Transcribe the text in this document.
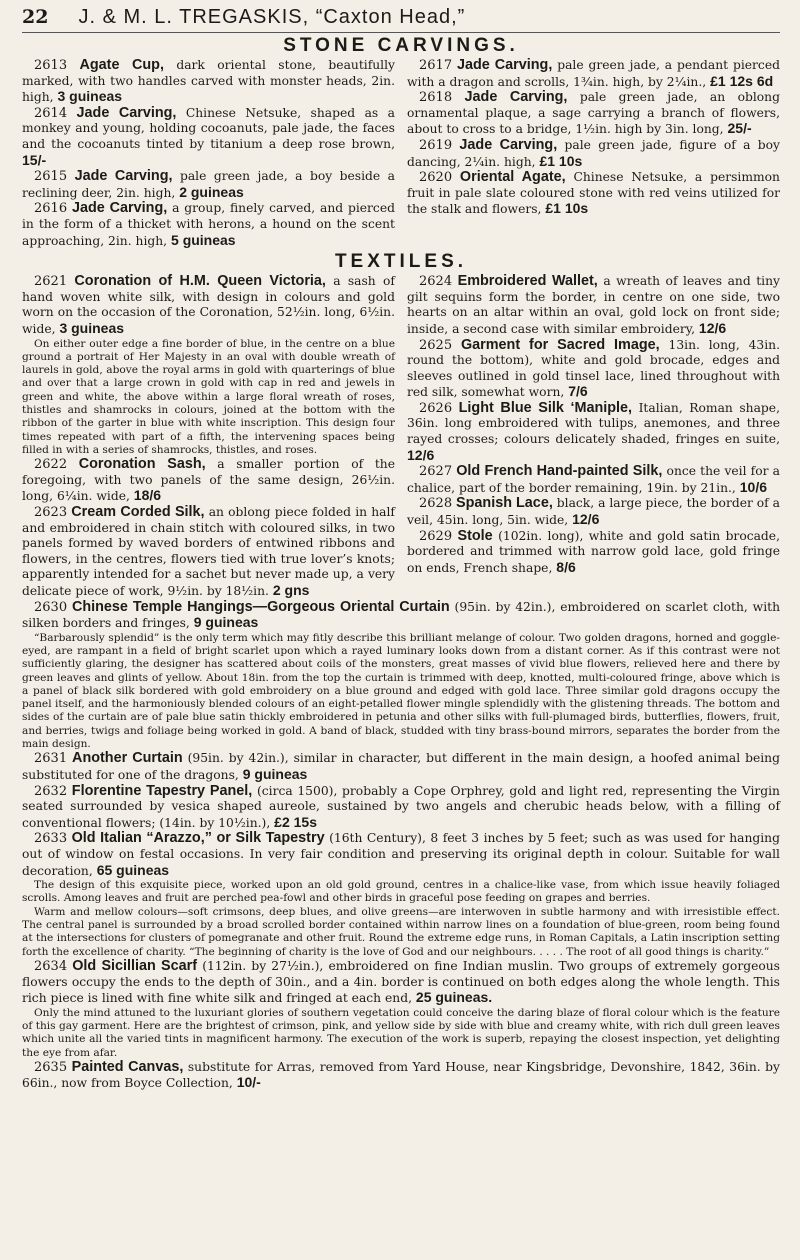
22 J. & M. L. TREGASKIS, “Caxton Head,”
STONE CARVINGS.

2613 Agate Cup, dark oriental stone, beautifully marked, with two handles carved with monster heads, 2in. high, 3 guineas

2614 Jade Carving, Chinese Netsuke, shaped as a monkey and young, holding cocoanuts, pale jade, the faces and the cocoanuts tinted by titanium a deep rose brown, 15/-

2615 Jade Carving, pale green jade, a boy beside a reclining deer, 2in. high, 2 guineas

2616 Jade Carving, a group, finely carved, and pierced in the form of a thicket with herons, a hound on the scent approaching, 2in. high, 5 guineas

2617 Jade Carving, pale green jade, a pendant pierced with a dragon and scrolls, 1¾in. high, by 2¼in., £1 12s 6d

2618 Jade Carving, pale green jade, an oblong ornamental plaque, a sage carrying a branch of flowers, about to cross to a bridge, 1½in. high by 3in. long, 25/-

2619 Jade Carving, pale green jade, figure of a boy dancing, 2¼in. high, £1 10s

2620 Oriental Agate, Chinese Netsuke, a persimmon fruit in pale slate coloured stone with red veins utilized for the stalk and flowers, £1 10s

TEXTILES.

2621 Coronation of H.M. Queen Victoria, a sash of hand woven white silk, with design in colours and gold worn on the occasion of the Coronation, 52½in. long, 6½in. wide, 3 guineas

On either outer edge a fine border of blue, in the centre on a blue ground a portrait of Her Majesty in an oval with double wreath of laurels in gold, above the royal arms in gold with quarterings of blue and over that a large crown in gold with cap in red and jewels in green and white, the above within a large floral wreath of roses, thistles and shamrocks in colours, joined at the bottom with the ribbon of the garter in blue with white inscription. This design four times repeated with part of a fifth, the intervening spaces being filled in with a series of shamrocks, thistles, and roses.

2622 Coronation Sash, a smaller portion of the foregoing, with two panels of the same design, 26½in. long, 6¼in. wide, 18/6

2623 Cream Corded Silk, an oblong piece folded in half and embroidered in chain stitch with coloured silks, in two panels formed by waved borders of entwined ribbons and flowers, in the centres, flowers tied with true lover’s knots; apparently intended for a sachet but never made up, a very delicate piece of work, 9½in. by 18½in. 2 gns

2624 Embroidered Wallet, a wreath of leaves and tiny gilt sequins form the border, in centre on one side, two hearts on an altar within an oval, gold lock on front side; inside, a second case with similar embroidery, 12/6

2625 Garment for Sacred Image, 13in. long, 43in. round the bottom), white and gold brocade, edges and sleeves outlined in gold tinsel lace, lined throughout with red silk, somewhat worn, 7/6

2626 Light Blue Silk ‘Maniple, Italian, Roman shape, 36in. long embroidered with tulips, anemones, and three rayed crosses; colours delicately shaded, fringes en suite, 12/6

2627 Old French Hand-painted Silk, once the veil for a chalice, part of the border remaining, 19in. by 21in., 10/6

2628 Spanish Lace, black, a large piece, the border of a veil, 45in. long, 5in. wide, 12/6

2629 Stole (102in. long), white and gold satin brocade, bordered and trimmed with narrow gold lace, gold fringe on ends, French shape, 8/6

2630 Chinese Temple Hangings—Gorgeous Oriental Curtain (95in. by 42in.), embroidered on scarlet cloth, with silken borders and fringes, 9 guineas

“Barbarously splendid” is the only term which may fitly describe this brilliant melange of colour. Two golden dragons, horned and goggle-eyed, are rampant in a field of bright scarlet upon which a rayed luminary looks down from a distant corner. As if this contrast were not sufficiently glaring, the designer has scattered about coils of the monsters, great masses of vivid blue flowers, relieved here and there by green leaves and glints of yellow. About 18in. from the top the curtain is trimmed with deep, knotted, multi-coloured fringe, above which is a panel of black silk bordered with gold embroidery on a blue ground and edged with gold lace. Three similar gold dragons occupy the panel itself, and the harmoniously blended colours of an eight-petalled flower mingle splendidly with the glistening threads. The bottom and sides of the curtain are of pale blue satin thickly embroidered in petunia and other silks with full-plumaged birds, butterflies, flowers, fruit, and berries, twigs and foliage being worked in gold. A band of black, studded with tiny brass-bound mirrors, separates the border from the main design.

2631 Another Curtain (95in. by 42in.), similar in character, but different in the main design, a hoofed animal being substituted for one of the dragons, 9 guineas

2632 Florentine Tapestry Panel, (circa 1500), probably a Cope Orphrey, gold and light red, representing the Virgin seated surrounded by vesica shaped aureole, sustained by two angels and cherubic heads below, with a filling of conventional flowers; (14in. by 10½in.), £2 15s

2633 Old Italian “Arazzo,” or Silk Tapestry (16th Century), 8 feet 3 inches by 5 feet; such as was used for hanging out of window on festal occasions. In very fair condition and preserving its original depth in colour. Suitable for wall decoration, 65 guineas

The design of this exquisite piece, worked upon an old gold ground, centres in a chalice-like vase, from which issue heavily foliaged scrolls. Among leaves and fruit are perched pea-fowl and other birds in graceful pose feeding on grapes and berries.

Warm and mellow colours—soft crimsons, deep blues, and olive greens—are interwoven in subtle harmony and with irresistible effect. The central panel is surrounded by a broad scrolled border contained within narrow lines on a foundation of blue-green, room being found at the intersections for clusters of pomegranate and other fruit. Round the extreme edge runs, in Roman Capitals, a Latin inscription setting forth the excellence of charity. “The beginning of charity is the love of God and our neighbours. . . . . The root of all good things is charity.”

2634 Old Sicillian Scarf (112in. by 27½in.), embroidered on fine Indian muslin. Two groups of extremely gorgeous flowers occupy the ends to the depth of 30in., and a 4in. border is continued on both edges along the whole length. This rich piece is lined with fine white silk and fringed at each end, 25 guineas.

Only the mind attuned to the luxuriant glories of southern vegetation could conceive the daring blaze of floral colour which is the feature of this gay garment. Here are the brightest of crimson, pink, and yellow side by side with blue and creamy white, with rich dull green leaves which unite all the varied tints in magnificent harmony. The execution of the work is superb, repaying the closest inspection, yet delighting the eye from afar.

2635 Painted Canvas, substitute for Arras, removed from Yard House, near Kingsbridge, Devonshire, 1842, 36in. by 66in., now from Boyce Collection, 10/-
